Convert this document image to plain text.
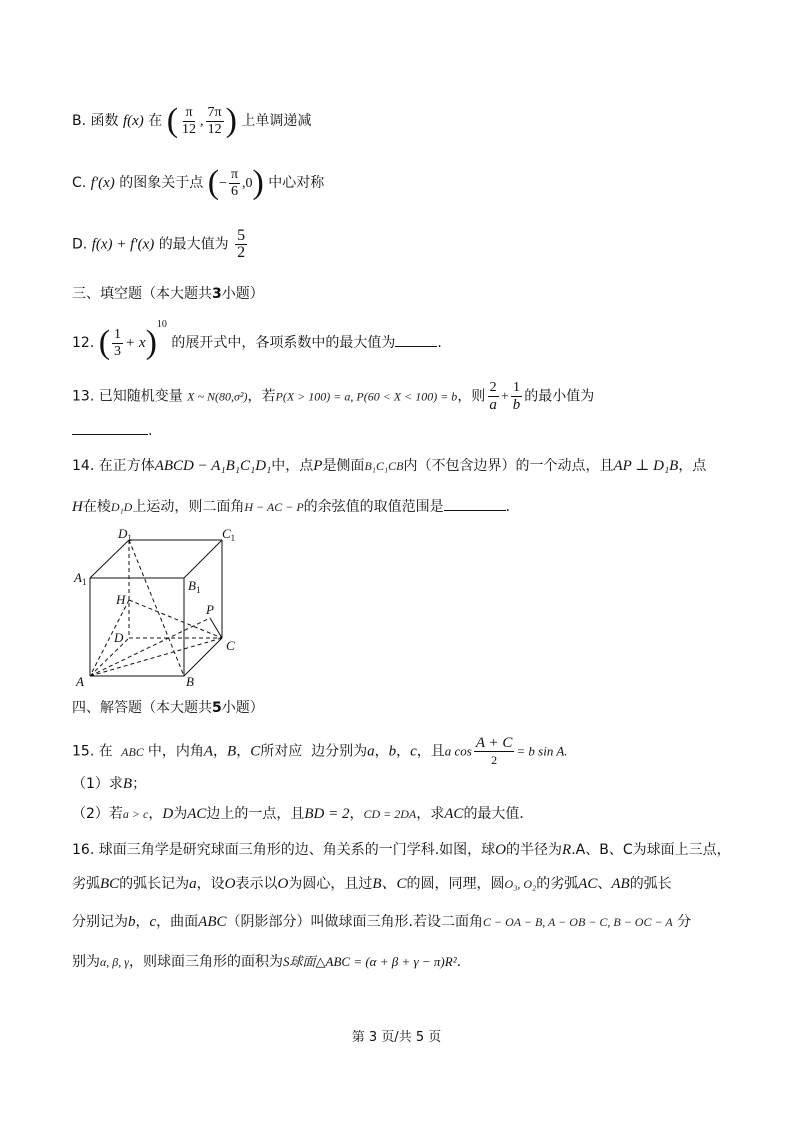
B. 函数 f(x) 在 ( $\frac{\pi}{12}$ , $\frac{7\pi}{12}$ ) 上单调递减
C. f′(x) 的图象关于点 (− $\frac{\pi}{6} ,0$) 中心对称
D. f(x) + f′(x) 的最大值为 $\frac{5}{2}$
三、填空题（本大题共3小题）
12. ( $\frac{1}{3} + x)^{10}$ 的展开式中，各项系数中的最大值为	.
13. 已知随机变量 X ~ N(80,σ²)，若P(X > 100) = a, P(60 < X < 100) = b，则 $\frac{2}{a} + \frac{1}{b}$ 的最小值为
.
14. 在正方体ABCD − A₁B₁C₁D₁中，点P是侧面B₁C₁CB内（不包含边界）的一个动点，且AP ⊥ D₁B，点
H在棱D₁D上运动，则二面角H − AC − P的余弦值的取值范围是	.
$D_1$	$C_1$
$A_1$	$B_1$
H
P
D
C
A	B
四、解答题（本大题共5小题）
15. 在 ABC 中，内角A，B，C所对应 边分别为a，b，c，且a $\cos \frac{A + C}{2} = b$ sin A.
（1）求B；
（2）若a > c，D为AC边上的一点，且BD = 2，CD = 2DA，求AC的最大值．
16. 球面三角学是研究球面三角形的边、角关系的一门学科.如图，球O的半径为R.A、B、C为球面上三点，
劣弧BC的弧长记为a，设O表示以O为圆心，且过B、C的圆，同理，圆O₃, O₂的劣弧AC、AB的弧长
分别记为b，c，曲面ABC（阴影部分）叫做球面三角形.若设二面角C − OA − B, A − OB − C, B − OC − A 分
别为α, β, γ，则球面三角形的面积为S球面△ABC = (α + β + γ − π)R².
第 3 页/共 5 页
